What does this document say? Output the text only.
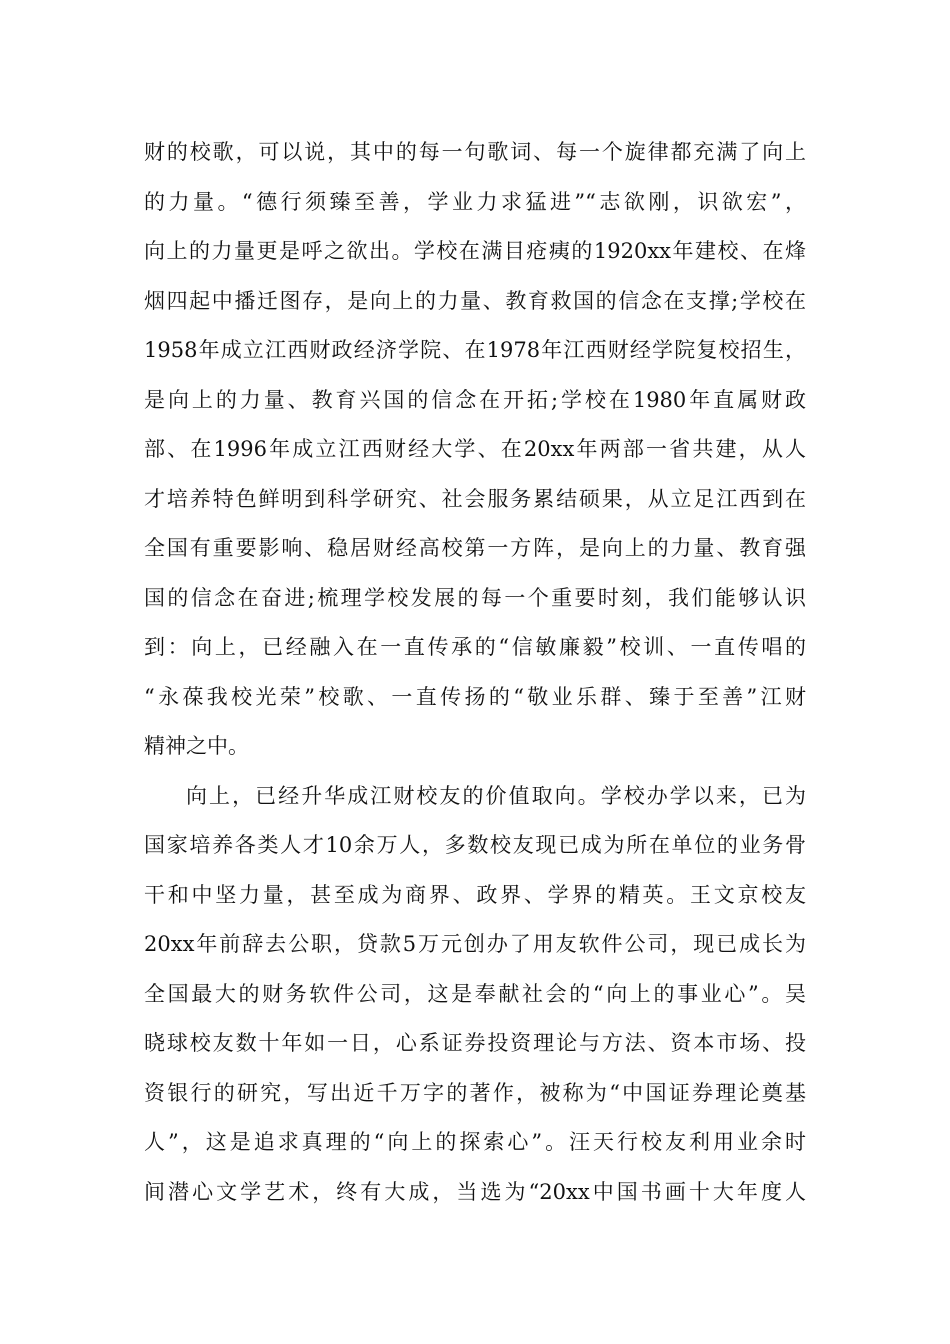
财的校歌，可以说，其中的每一句歌词、每一个旋律都充满了向上
的力量。“德行须臻至善，学业力求猛进”“志欲刚，识欲宏”，
向上的力量更是呼之欲出。学校在满目疮痍的1920xx年建校、在烽
烟四起中播迁图存，是向上的力量、教育救国的信念在支撑;学校在
1958年成立江西财政经济学院、在1978年江西财经学院复校招生，
是向上的力量、教育兴国的信念在开拓;学校在1980年直属财政
部、在1996年成立江西财经大学、在20xx年两部一省共建，从人
才培养特色鲜明到科学研究、社会服务累结硕果，从立足江西到在
全国有重要影响、稳居财经高校第一方阵，是向上的力量、教育强
国的信念在奋进;梳理学校发展的每一个重要时刻，我们能够认识
到：向上，已经融入在一直传承的“信敏廉毅”校训、一直传唱的
“永葆我校光荣”校歌、一直传扬的“敬业乐群、臻于至善”江财
精神之中。
向上，已经升华成江财校友的价值取向。学校办学以来，已为
国家培养各类人才10余万人，多数校友现已成为所在单位的业务骨
干和中坚力量，甚至成为商界、政界、学界的精英。王文京校友
20xx年前辞去公职，贷款5万元创办了用友软件公司，现已成长为
全国最大的财务软件公司，这是奉献社会的“向上的事业心”。吴
晓球校友数十年如一日，心系证券投资理论与方法、资本市场、投
资银行的研究，写出近千万字的著作，被称为“中国证券理论奠基
人”，这是追求真理的“向上的探索心”。汪天行校友利用业余时
间潜心文学艺术，终有大成，当选为“20xx中国书画十大年度人
